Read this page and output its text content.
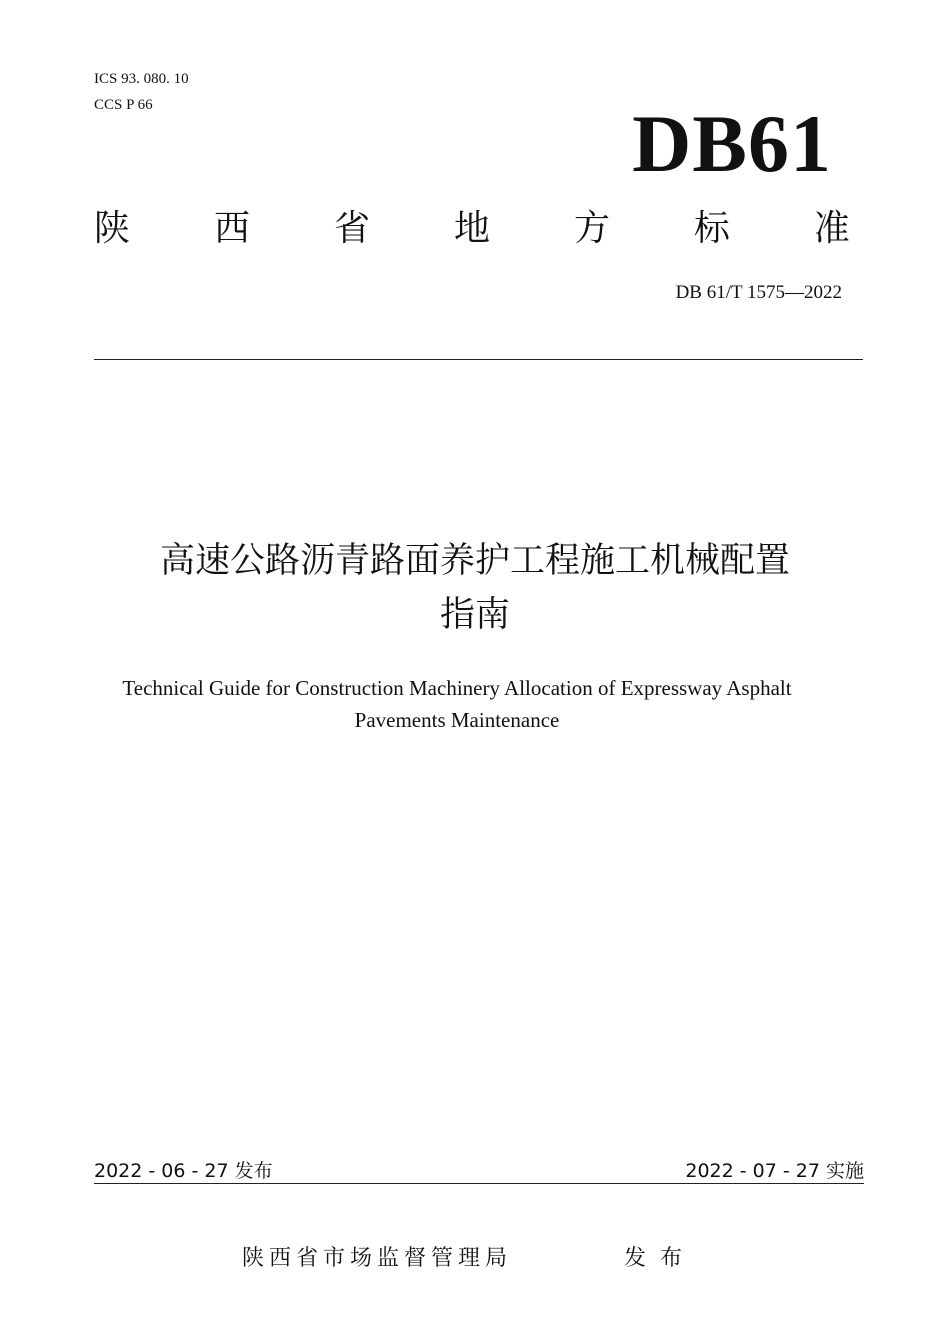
ICS 93. 080. 10
CCS P 66	DB61
陕 西 省 地 方 标 准
DB 61/T 1575—2022
高速公路沥青路面养护工程施工机械配置
指南
Technical Guide for Construction Machinery Allocation of Expressway Asphalt
Pavements Maintenance
2022 - 06 - 27 发布	2022 - 07 - 27 实施
陕西省市场监督管理局	发布
